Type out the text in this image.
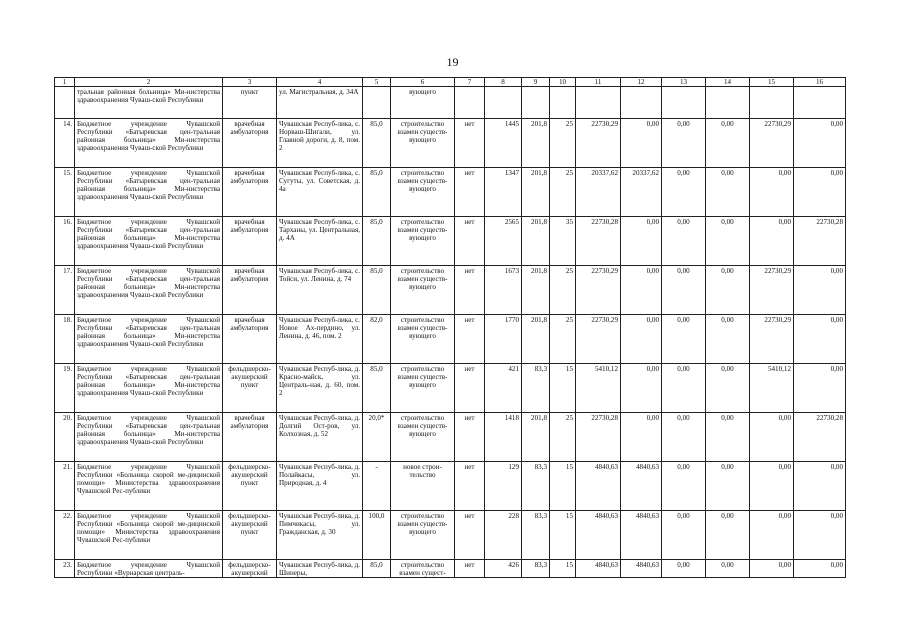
19
1	2	3	4	5	6	7	8	9	10	11	12	13	14	15	16
	тральная районная больница» Ми-нистерства здравоохранения Чуваш-ской Республики	пункт	ул. Магистральная, д. 34А		вующего										
14.	Бюджетное учреждение Чувашской Республики «Батыревская цен-тральная районная больница» Ми-нистерства здравоохранения Чуваш-ской Республики	врачебная амбулатория	Чувашская Респуб-лика, с. Норваш-Шигали, ул. Главной дороги, д. 8, пом. 2	85,0	строительство взамен существ-вующего	нет	1445	201,8	25	22730,29	0,00	0,00	0,00	22730,29	0,00
15.	Бюджетное учреждение Чувашской Республики «Батыревская цен-тральная районная больница» Ми-нистерства здравоохранения Чуваш-ской Республики	врачебная амбулатория	Чувашская Респуб-лика, с. Сугуты, ул. Советская, д. 4а	85,0	строительство взамен существ-вующего	нет	1347	201,8	25	20337,62	20337,62	0,00	0,00	0,00	0,00
16.	Бюджетное учреждение Чувашской Республики «Батыревская цен-тральная районная больница» Ми-нистерства здравоохранения Чуваш-ской Республики	врачебная амбулатория	Чувашская Респуб-лика, с. Тарханы, ул. Центральная, д. 4А	85,0	строительство взамен существ-вующего	нет	2565	201,8	35	22730,28	0,00	0,00	0,00	0,00	22730,28
17.	Бюджетное учреждение Чувашской Республики «Батыревская цен-тральная районная больница» Ми-нистерства здравоохранения Чуваш-ской Республики	врачебная амбулатория	Чувашская Респуб-лика, с. Тойси, ул. Ленина, д. 74	85,0	строительство взамен существ-вующего	нет	1673	201,8	25	22730,29	0,00	0,00	0,00	22730,29	0,00
18.	Бюджетное учреждение Чувашской Республики «Батыревская цен-тральная районная больница» Ми-нистерства здравоохранения Чуваш-ской Республики	врачебная амбулатория	Чувашская Респуб-лика, с. Новое Ах-пердино, ул. Ленина, д. 46, пом. 2	82,0	строительство взамен существ-вующего	нет	1770	201,8	25	22730,29	0,00	0,00	0,00	22730,29	0,00
19.	Бюджетное учреждение Чувашской Республики «Батыревская цен-тральная районная больница» Ми-нистерства здравоохранения Чуваш-ской Республики	фельдшерско-акушерский пункт	Чувашская Респуб-лика, д. Красно-майск, ул. Централь-ная, д. 60, пом. 2	85,0	строительство взамен существ-вующего	нет	421	83,3	15	5410,12	0,00	0,00	0,00	5410,12	0,00
20.	Бюджетное учреждение Чувашской Республики «Батыревская цен-тральная районная больница» Ми-нистерства здравоохранения Чуваш-ской Республики	врачебная амбулатория	Чувашская Респуб-лика, д. Долгий Ост-ров, ул. Колхозная, д. 52	20,0*	строительство взамен существ-вующего	нет	1418	201,8	25	22730,28	0,00	0,00	0,00	0,00	22730,28
21.	Бюджетное учреждение Чувашской Республики «Больница скорой ме-дицинской помощи» Министерства здравоохранения Чувашской Рес-публики	фельдшерско-акушерский пункт	Чувашская Респуб-лика, д. Полайкасы, ул. Природная, д. 4	-	новое строи-тельство	нет	129	83,3	15	4840,63	4840,63	0,00	0,00	0,00	0,00
22.	Бюджетное учреждение Чувашской Республики «Больница скорой ме-дицинской помощи» Министерства здравоохранения Чувашской Рес-публики	фельдшерско-акушерский пункт	Чувашская Респуб-лика, д. Пимчикасы, ул. Гражданская, д. 30	100,0	строительство взамен существ-вующего	нет	228	83,3	15	4840,63	4840,63	0,00	0,00	0,00	0,00
23.	Бюджетное учреждение Чувашской Республики «Вурнарская централь-	фельдшерско-акушерский	Чувашская Респуб-лика, д. Шинеры,	85,0	строительство взамен сущест-	нет	426	83,3	15	4840,63	4840,63	0,00	0,00	0,00	0,00
